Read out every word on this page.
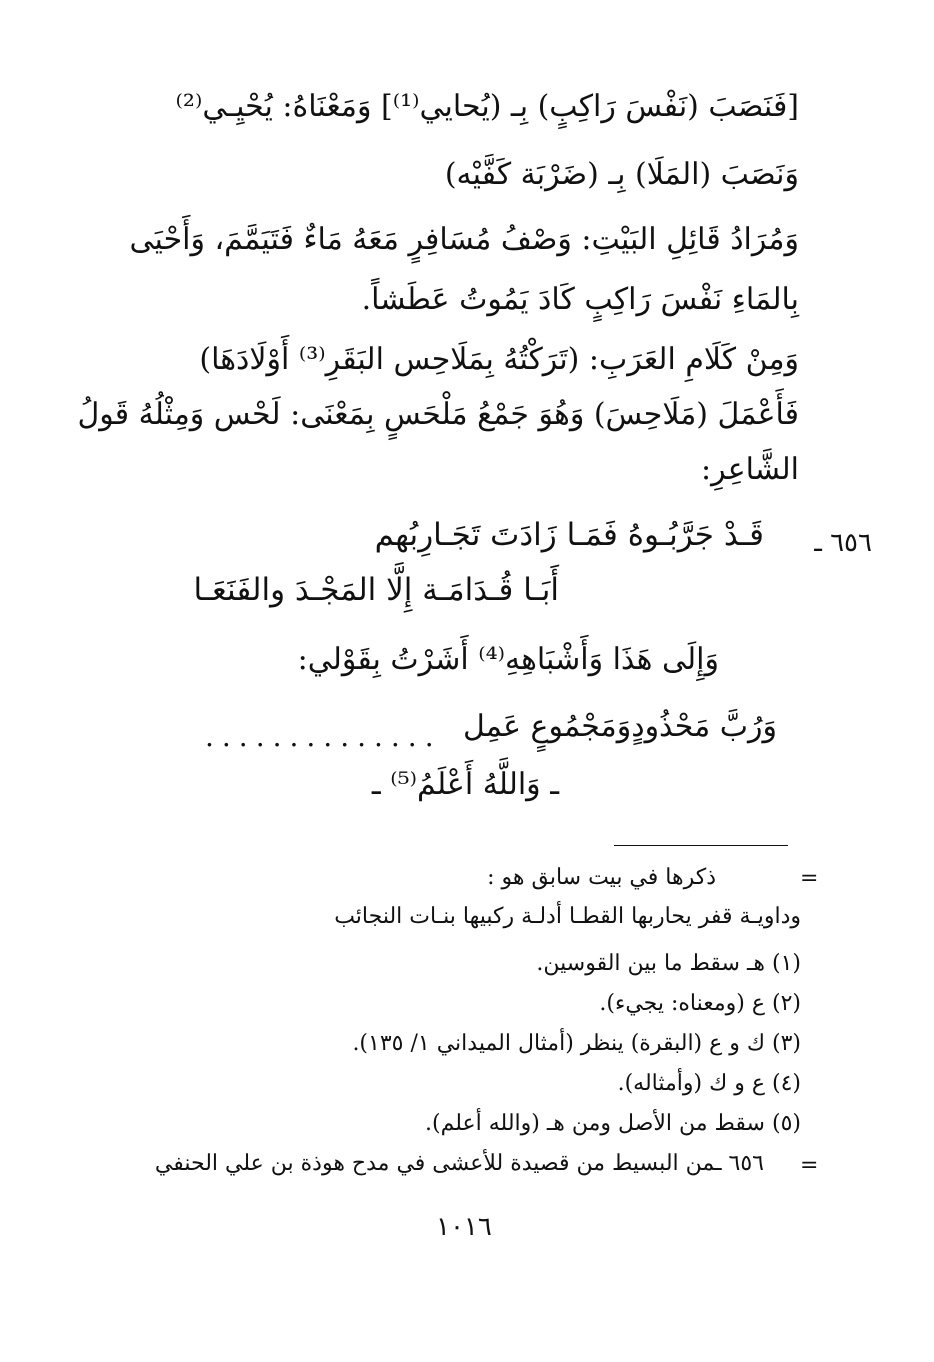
[فَنَصَبَ (نَفْسَ رَاكِبٍ) بِـ (يُحايي⁽¹⁾] وَمَعْنَاهُ: يُحْيِـي⁽²⁾
وَنَصَبَ (المَلَا) بِـ (ضَرْبَة كَفَّيْه)
وَمُرَادُ قَائِلِ البَيْتِ: وَصْفُ مُسَافِرٍ مَعَهُ مَاءٌ فَتَيَمَّمَ، وَأَحْيَى
بِالمَاءِ نَفْسَ رَاكِبٍ كَادَ يَمُوتُ عَطَشاً.
وَمِنْ كَلَامِ العَرَبِ: (تَرَكْتُهُ بِمَلَاحِس البَقَرِ⁽³⁾ أَوْلَادَهَا)
فَأَعْمَلَ (مَلَاحِسَ) وَهُوَ جَمْعُ مَلْحَسٍ بِمَعْنَى: لَحْس وَمِثْلُهُ قَولُ
الشَّاعِرِ:
٦٥٦ ـ
قَـدْ جَرَّبُـوهُ فَمَـا زَادَتَ تَجَـارِبُهم
أَبَـا قُـدَامَـة إِلَّا المَجْـدَ والفَنَعَـا
وَإِلَى هَذَا وَأَشْبَاهِهِ⁽⁴⁾ أَشَرْتُ بِقَوْلي:
وَرُبَّ مَحْذُودٍوَمَجْمُوعٍ عَمِل
..............
ـ وَاللَّهُ أَعْلَمُ⁽⁵⁾ ـ
=
ذكرها في بيت سابق هو :
وداويـة قفر يحاربها القطـا أدلـة ركبيها بنـات النجائب
(١) هـ سقط ما بين القوسين.
(٢) ع (ومعناه: يجيء).
(٣) ك و ع (البقرة) ينظر (أمثال الميداني ١/ ١٣٥).
(٤) ع و ك (وأمثاله).
(٥) سقط من الأصل ومن هـ (والله أعلم).
٦٥٦ ـمن البسيط من قصيدة للأعشى في مدح هوذة بن علي الحنفي =
١٠١٦
